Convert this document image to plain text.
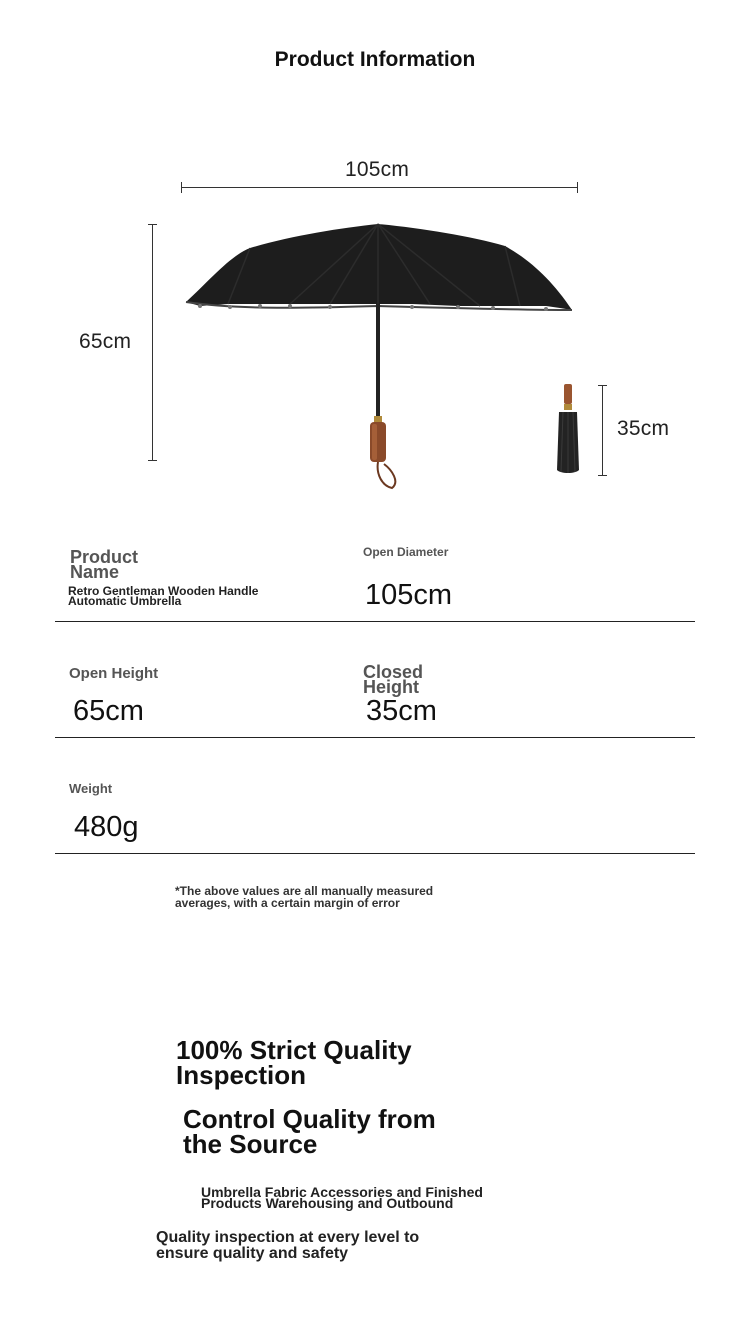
Product Information
105cm
65cm
35cm
Product Name
Retro Gentleman Wooden Handle Automatic Umbrella
Open Diameter
105cm
Open Height
65cm
Closed Height
35cm
Weight
480g
*The above values are all manually measured averages, with a certain margin of error
100% Strict Quality Inspection
Control Quality from the Source
Umbrella Fabric Accessories and Finished Products Warehousing and Outbound
Quality inspection at every level to ensure quality and safety
